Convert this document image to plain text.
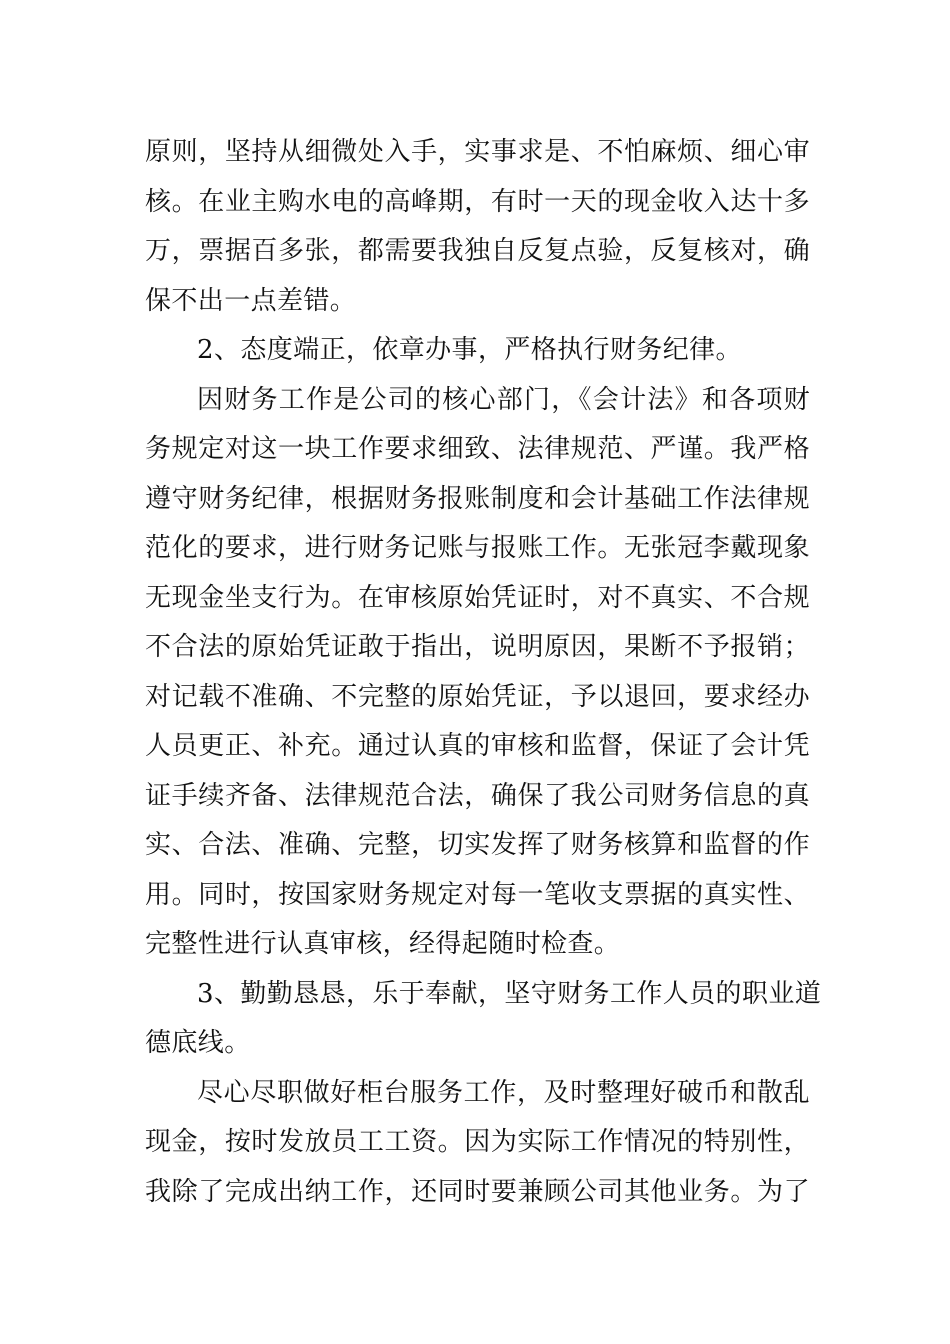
原则，坚持从细微处入手，实事求是、不怕麻烦、细心审
核。在业主购水电的高峰期，有时一天的现金收入达十多
万，票据百多张，都需要我独自反复点验，反复核对，确
保不出一点差错。
2、态度端正，依章办事，严格执行财务纪律。
因财务工作是公司的核心部门，《会计法》和各项财
务规定对这一块工作要求细致、法律规范、严谨。我严格
遵守财务纪律，根据财务报账制度和会计基础工作法律规
范化的要求，进行财务记账与报账工作。无张冠李戴现象
无现金坐支行为。在审核原始凭证时，对不真实、不合规
不合法的原始凭证敢于指出，说明原因，果断不予报销；
对记载不准确、不完整的原始凭证，予以退回，要求经办
人员更正、补充。通过认真的审核和监督，保证了会计凭
证手续齐备、法律规范合法，确保了我公司财务信息的真
实、合法、准确、完整，切实发挥了财务核算和监督的作
用。同时，按国家财务规定对每一笔收支票据的真实性、
完整性进行认真审核，经得起随时检查。
3、勤勤恳恳，乐于奉献，坚守财务工作人员的职业道
德底线。
尽心尽职做好柜台服务工作，及时整理好破币和散乱
现金，按时发放员工工资。因为实际工作情况的特别性，
我除了完成出纳工作，还同时要兼顾公司其他业务。为了
